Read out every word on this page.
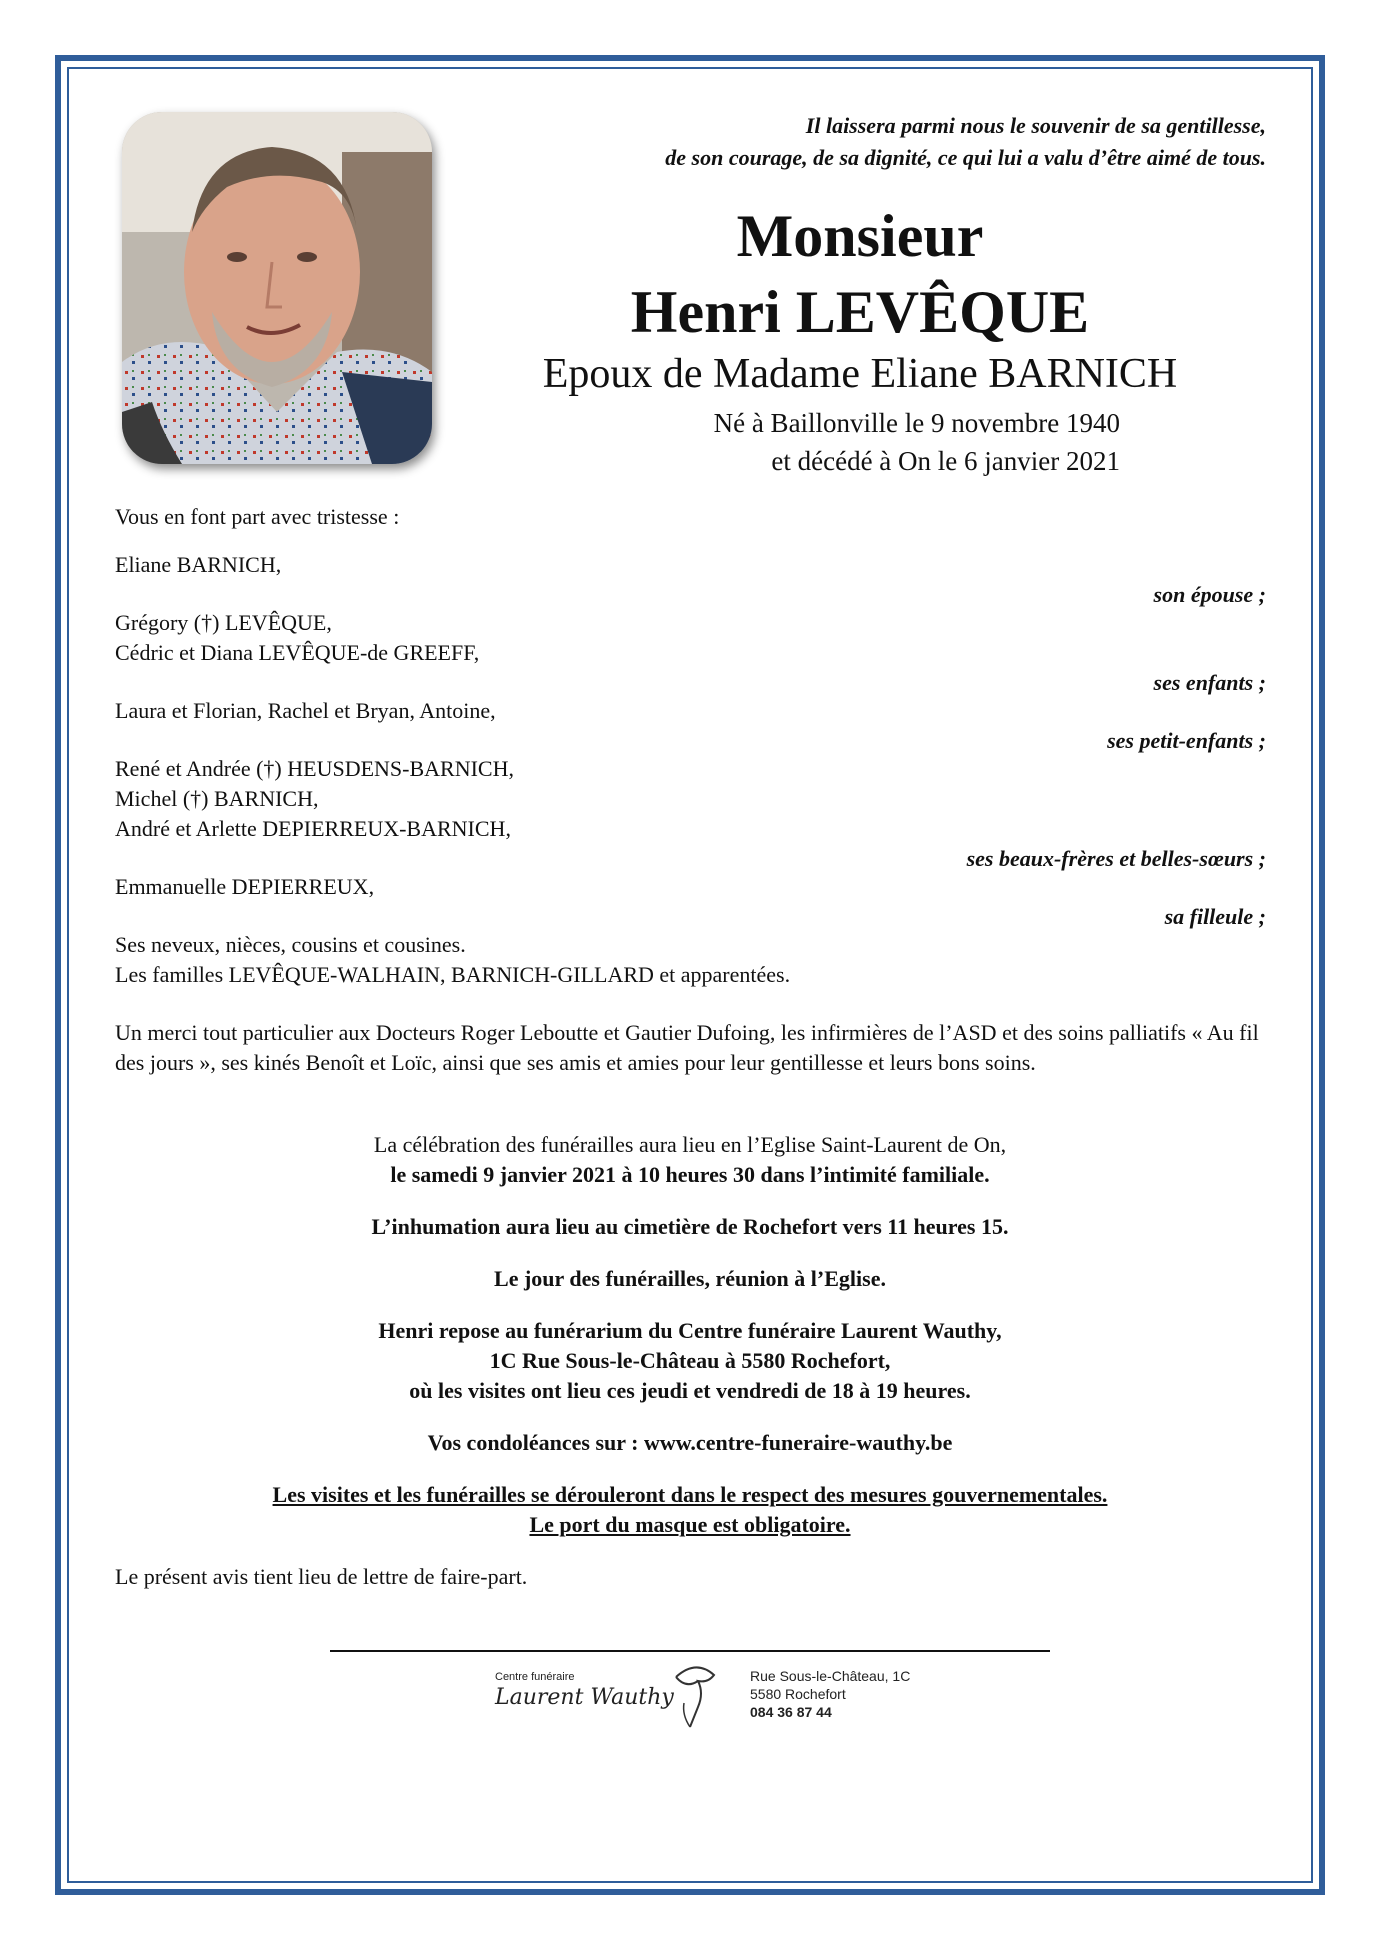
Il laissera parmi nous le souvenir de sa gentillesse,
de son courage, de sa dignité, ce qui lui a valu d’être aimé de tous.
Monsieur
Henri LEVÊQUE
Epoux de Madame Eliane BARNICH
Né à Baillonville le 9 novembre 1940
et décédé à On le 6 janvier 2021
Vous en font part avec tristesse :
Eliane BARNICH,
son épouse ;
Grégory (†) LEVÊQUE,
Cédric et Diana LEVÊQUE-de GREEFF,
ses enfants ;
Laura et Florian, Rachel et Bryan, Antoine,
ses petit-enfants ;
René et Andrée (†) HEUSDENS-BARNICH,
Michel (†) BARNICH,
André et Arlette DEPIERREUX-BARNICH,
ses beaux-frères et belles-sœurs ;
Emmanuelle DEPIERREUX,
sa filleule ;
Ses neveux, nièces, cousins et cousines.
Les familles LEVÊQUE-WALHAIN, BARNICH-GILLARD et apparentées.
Un merci tout particulier aux Docteurs Roger Leboutte et Gautier Dufoing, les infirmières de l’ASD et des soins palliatifs « Au fil des jours », ses kinés Benoît et Loïc, ainsi que ses amis et amies pour leur gentillesse et leurs bons soins.
La célébration des funérailles aura lieu en l’Eglise Saint-Laurent de On,
le samedi 9 janvier 2021 à 10 heures 30 dans l’intimité familiale.
L’inhumation aura lieu au cimetière de Rochefort vers 11 heures 15.
Le jour des funérailles, réunion à l’Eglise.
Henri repose au funérarium du Centre funéraire Laurent Wauthy,
1C Rue Sous-le-Château à 5580 Rochefort,
où les visites ont lieu ces jeudi et vendredi de 18 à 19 heures.
Vos condoléances sur : www.centre-funeraire-wauthy.be
Les visites et les funérailles se dérouleront dans le respect des mesures gouvernementales.
Le port du masque est obligatoire.
Le présent avis tient lieu de lettre de faire-part.
Centre funéraire
Laurent Wauthy
Rue Sous-le-Château, 1C
5580 Rochefort
084 36 87 44
